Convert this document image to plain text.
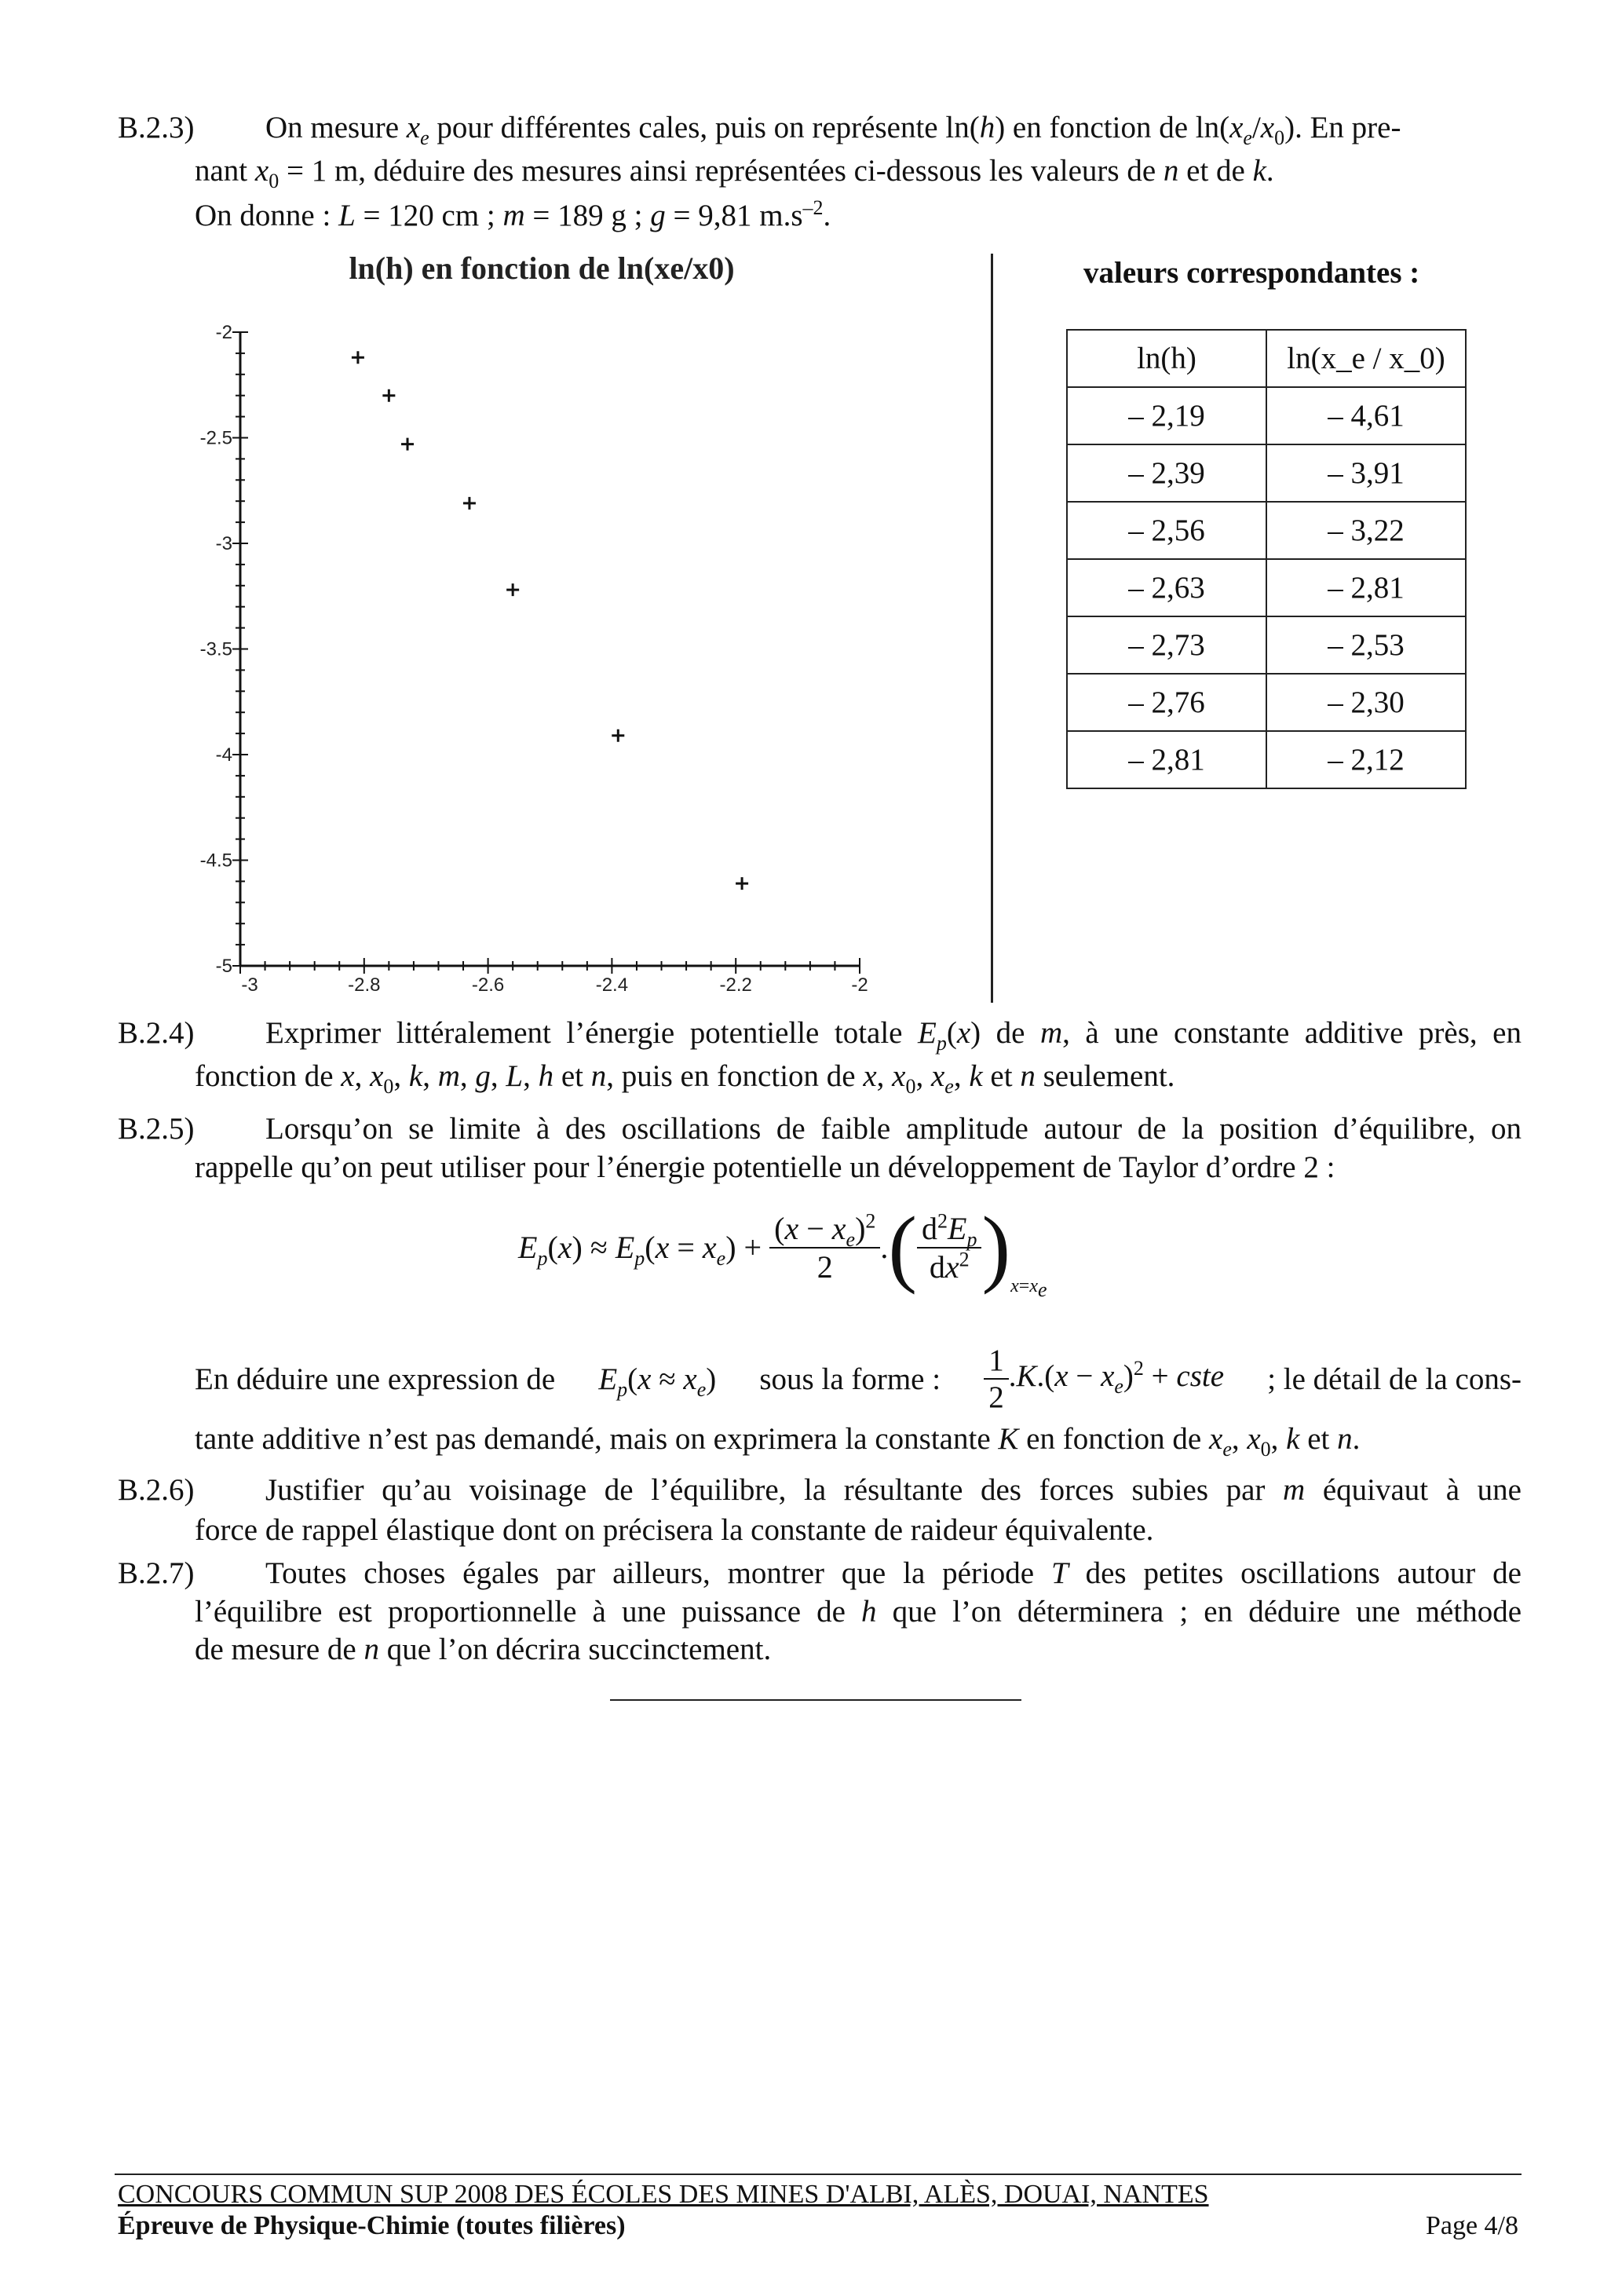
B.2.3) On mesure $x_e$ pour différentes cales, puis on représente ln(h) en fonction de $\ln(x_e/x_0)$. En pre-
nant $x_0 = 1$ m, déduire des mesures ainsi représentées ci-dessous les valeurs de n et de k.
On donne : L = 120 cm ; m = 189 g ; g = 9,81 $m.s^{-2}$.
ln(h) en fonction de ln(xe/x0)
-2
-2.5
-3
-3.5
-4
-4.5
-5
-3	-2.8	-2.6	-2.4	-2.2	-2
valeurs correspondantes :
ln(h)	ln(x_e / x_0)
– 2,19	– 4,61
– 2,39	– 3,91
– 2,56	– 3,22
– 2,63	– 2,81
– 2,73	– 2,53
– 2,76	– 2,30
– 2,81	– 2,12
B.2.4) Exprimer littéralement l’énergie potentielle totale $E_p(x)$ de m, à une constante additive près, en
fonction de x, $x_0$, k, m, g, L, h et n, puis en fonction de x, $x_0$, $x_e$, k et n seulement.
B.2.5) Lorsqu’on se limite à des oscillations de faible amplitude autour de la position d’équilibre, on
rappelle qu’on peut utiliser pour l’énergie potentielle un développement de Taylor d’ordre 2 :
$E_p(x) \approx E_p(x = x_e) + \frac{(x - x_e)^2}{2}$ . ( $\frac{d^2E_p}{dx^2}$ ) $x=x_e$
En déduire une expression de $E_p(x \approx x_e)$ sous la forme : $\frac{1}{2} .K.(x - x_e)^2$ + cste ; le détail de la cons-
tante additive n’est pas demandé, mais on exprimera la constante K en fonction de $x_e$, $x_0$, k et n.
B.2.6) Justifier qu’au voisinage de l’équilibre, la résultante des forces subies par m équivaut à une
force de rappel élastique dont on précisera la constante de raideur équivalente.
B.2.7) Toutes choses égales par ailleurs, montrer que la période T des petites oscillations autour de
l’équilibre est proportionnelle à une puissance de h que l’on déterminera ; en déduire une méthode
de mesure de n que l’on décrira succinctement.
CONCOURS COMMUN SUP 2008 DES ÉCOLES DES MINES D'ALBI, ALÈS, DOUAI, NANTES
Épreuve de Physique-Chimie (toutes filières)	Page 4/8
